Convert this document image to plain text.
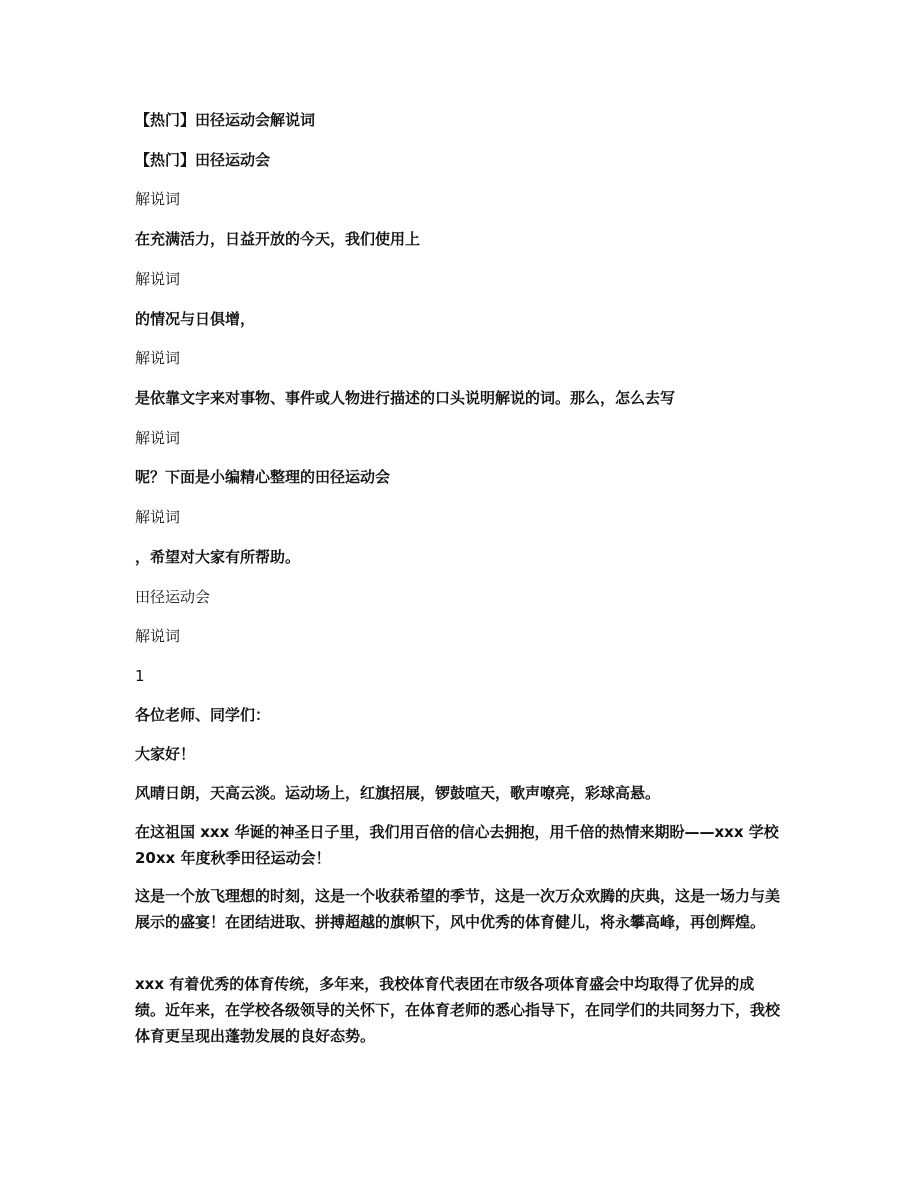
【热门】田径运动会解说词
【热门】田径运动会
解说词
在充满活力，日益开放的今天，我们使用上
解说词
的情况与日俱增，
解说词
是依靠文字来对事物、事件或人物进行描述的口头说明解说的词。那么，怎么去写
解说词
呢？下面是小编精心整理的田径运动会
解说词
，希望对大家有所帮助。
田径运动会
解说词
1
各位老师、同学们：
大家好！
风晴日朗，天高云淡。运动场上，红旗招展，锣鼓喧天，歌声嘹亮，彩球高悬。
在这祖国 xxx 华诞的神圣日子里，我们用百倍的信心去拥抱，用千倍的热情来期盼——xxx 学校 20xx 年度秋季田径运动会！
这是一个放飞理想的时刻，这是一个收获希望的季节，这是一次万众欢腾的庆典，这是一场力与美展示的盛宴！在团结进取、拼搏超越的旗帜下，风中优秀的体育健儿，将永攀高峰，再创辉煌。
xxx 有着优秀的体育传统，多年来，我校体育代表团在市级各项体育盛会中均取得了优异的成绩。近年来，在学校各级领导的关怀下，在体育老师的悉心指导下，在同学们的共同努力下，我校体育更呈现出蓬勃发展的良好态势。
